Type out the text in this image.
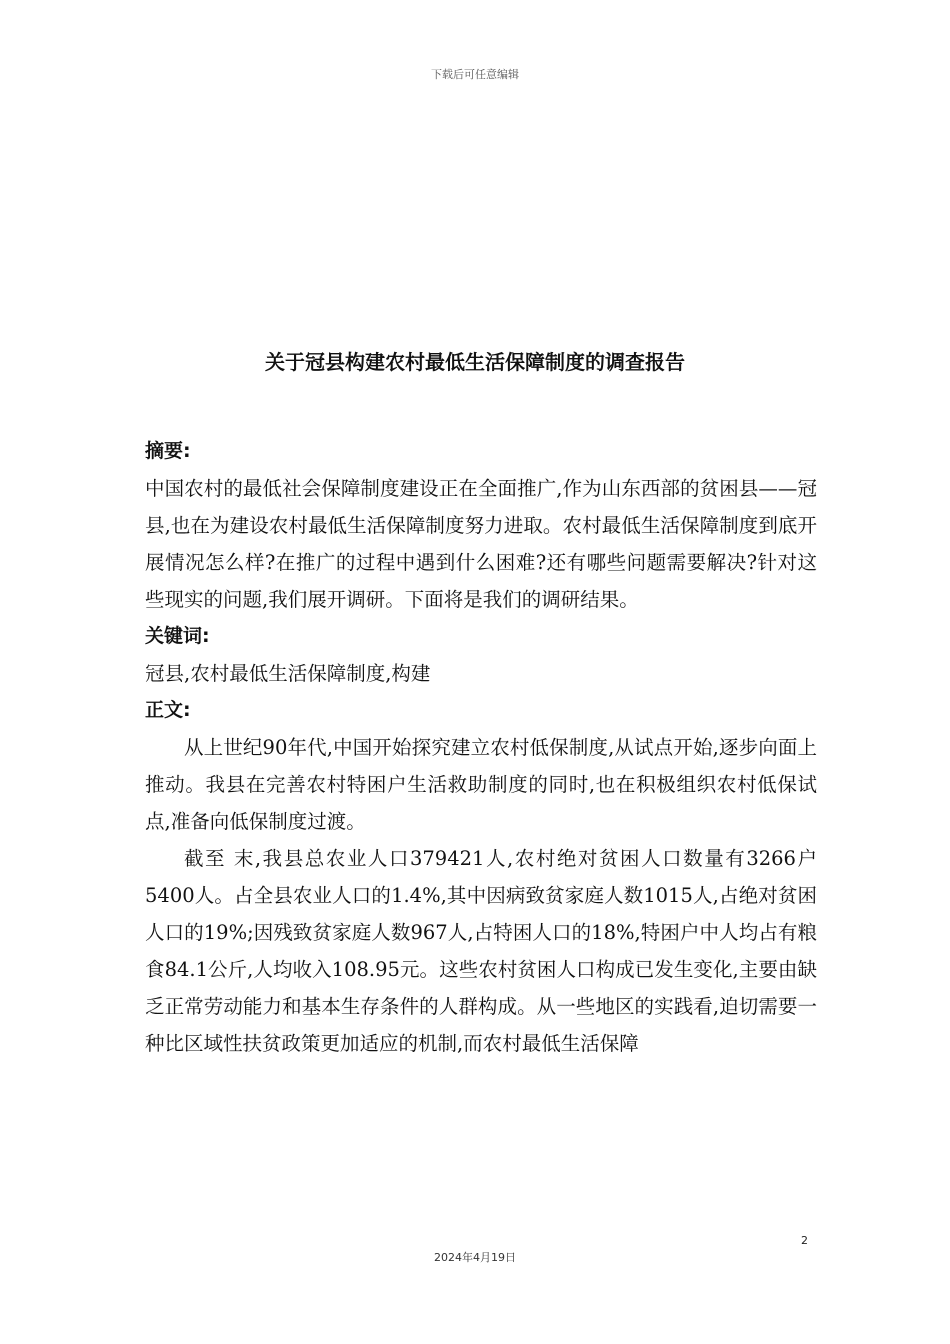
下载后可任意编辑
关于冠县构建农村最低生活保障制度的调查报告
摘要:

中国农村的最低社会保障制度建设正在全面推广,作为山东西部的贫困县——冠县,也在为建设农村最低生活保障制度努力进取。农村最低生活保障制度到底开展情况怎么样?在推广的过程中遇到什么困难?还有哪些问题需要解决?针对这些现实的问题,我们展开调研。下面将是我们的调研结果。

关键词:

冠县,农村最低生活保障制度,构建

正文:

从上世纪90年代,中国开始探究建立农村低保制度,从试点开始,逐步向面上推动。我县在完善农村特困户生活救助制度的同时,也在积极组织农村低保试点,准备向低保制度过渡。

截至 末,我县总农业人口379421人,农村绝对贫困人口数量有3266户5400人。占全县农业人口的1.4%,其中因病致贫家庭人数1015人,占绝对贫困人口的19%;因残致贫家庭人数967人,占特困人口的18%,特困户中人均占有粮食84.1公斤,人均收入108.95元。这些农村贫困人口构成已发生变化,主要由缺乏正常劳动能力和基本生存条件的人群构成。从一些地区的实践看,迫切需要一种比区域性扶贫政策更加适应的机制,而农村最低生活保障

2
2024年4月19日
